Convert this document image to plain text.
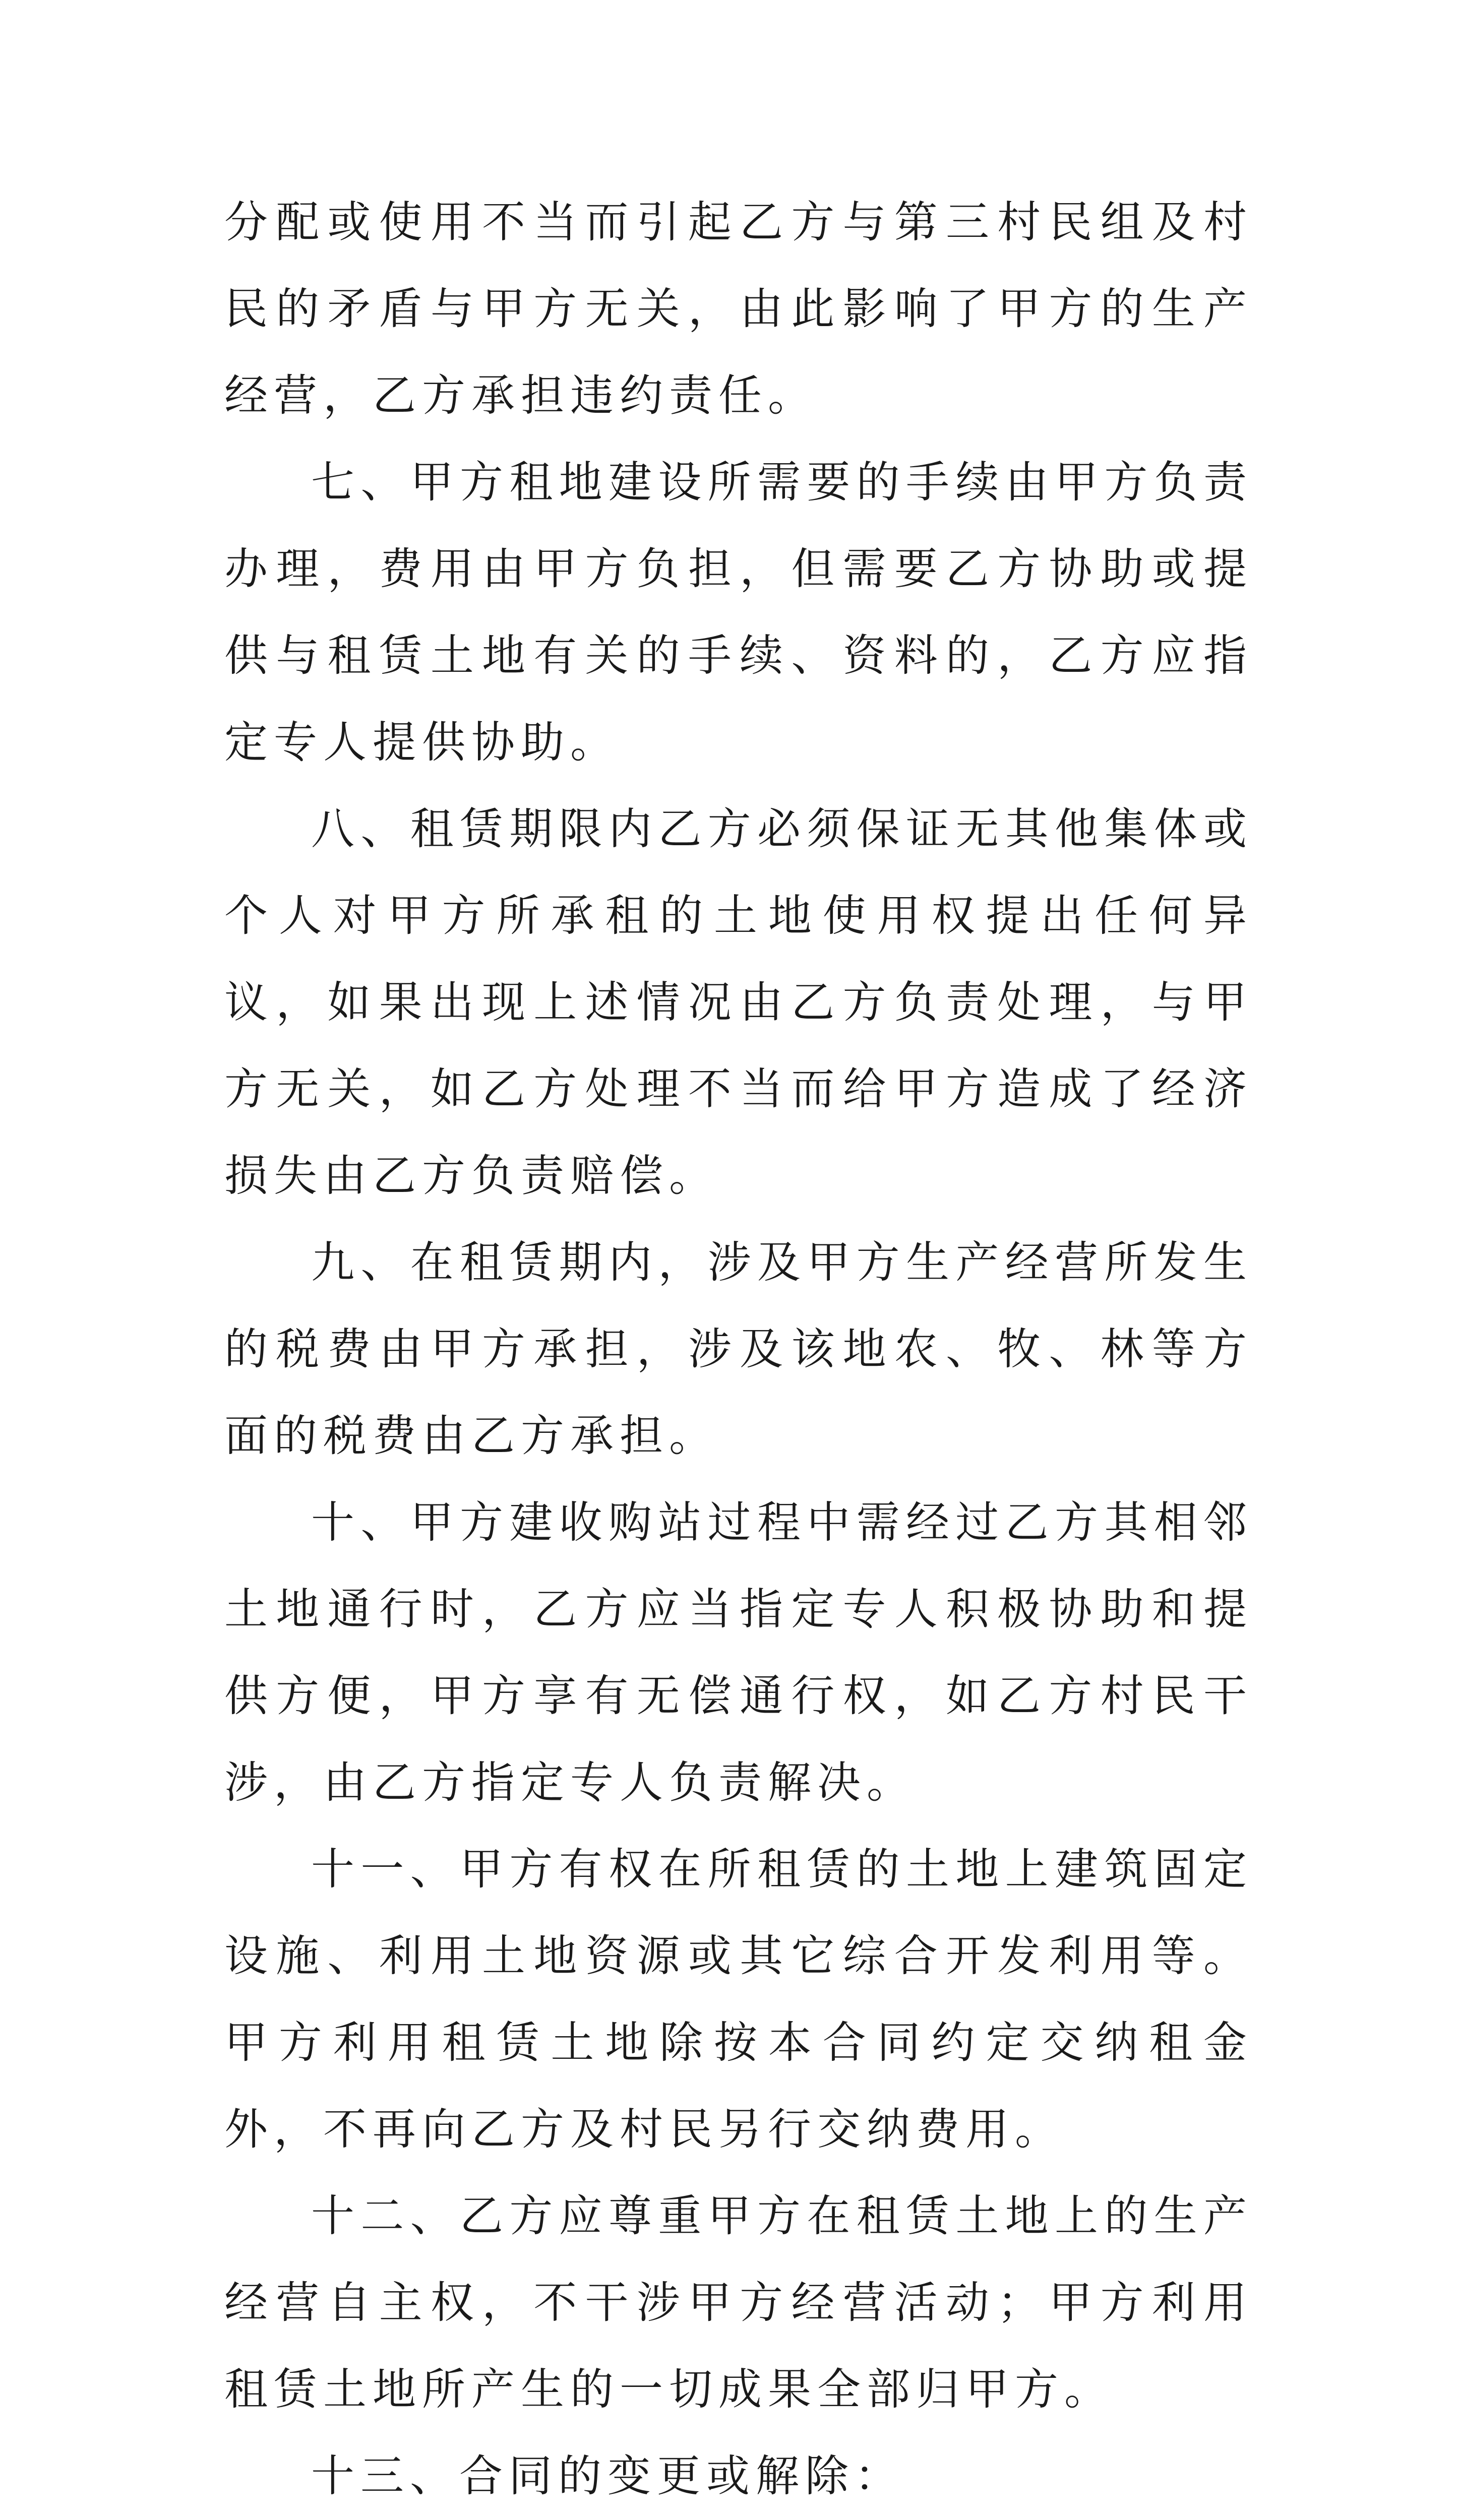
分配或使用不当而引起乙方与第三村民组及村民的矛盾与甲方无关，由此影响了甲方的生产经营，乙方承担违约责任。

七、甲方租地建设所需要的手续由甲方负责办理，费用由甲方负担，但需要乙方协助或提供与租赁土地有关的手续、资料的，乙方应指定专人提供协助。

八、租赁期限内乙方必须保证无其他集体或个人对甲方所承租的土地使用权提出任何异议，如果出现上述情况由乙方负责处理，与甲方无关，如乙方处理不当而给甲方造成了经济损失由乙方负责赔偿。

九、在租赁期内，涉及甲方生产经营所发生的税费由甲方承担，涉及该地农、牧、林等方面的税费由乙方承担。

十、甲方建收购站过程中需经过乙方其相邻土地通行时，乙方应当指定专人积极协助和提供方便，甲方享有无偿通行权，如乙方村民干涉，由乙方指定专人负责解决。

十一、甲方有权在所租赁的土地上建筑固定设施、利用土地资源或其它综合开发利用等。甲方利用租赁土地除按本合同约定交纳租金外，不再向乙方及村民另行交纳费用。

十二、乙方应尊重甲方在租赁土地上的生产经营自主权，不干涉甲方经营活动；甲方利用租赁土地所产生的一切成果全部归甲方。

十三、合同的变更或解除：
